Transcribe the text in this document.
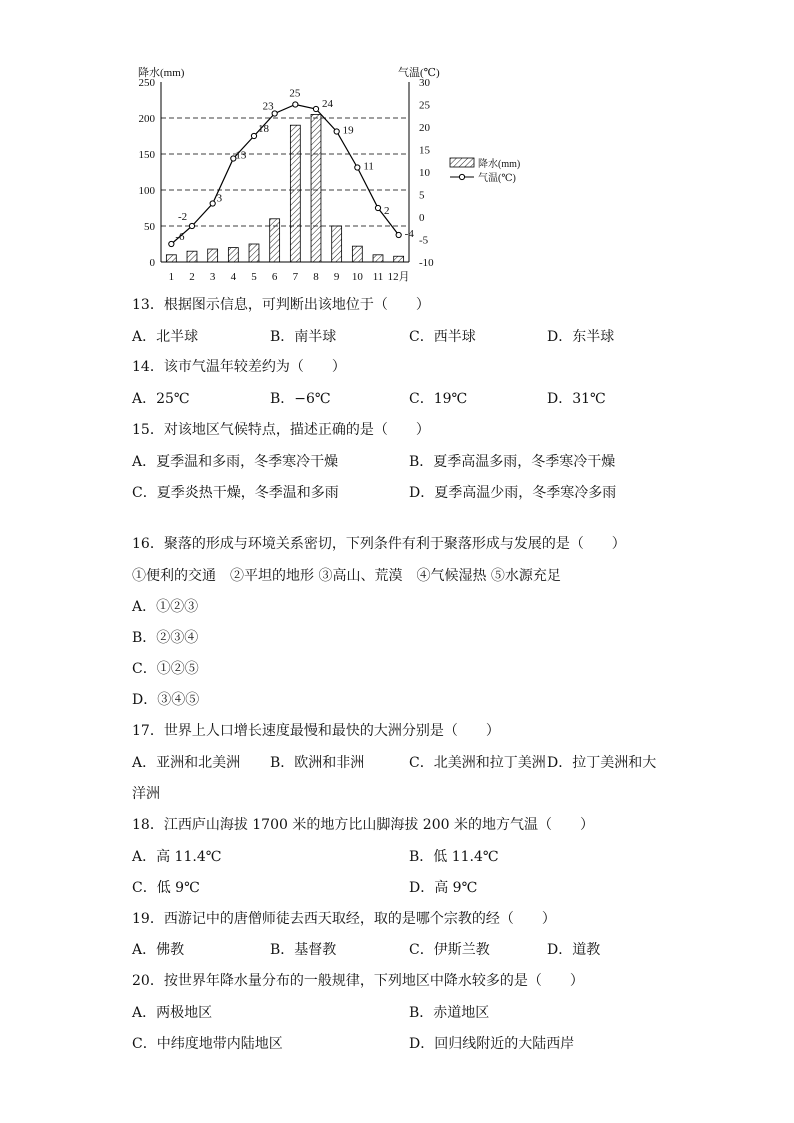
降水(mm)	气温(℃)
250
200
150
100
50
0
30
25
20
15
10
5
0
-5
-10
1 2 3 4 5 6 7 8 9 10 11 12月
-6
-2
3
13
18
23
25
24
19
11
2
-4
降水(mm)
气温(℃)
13．根据图示信息，可判断出该地位于（　　）
A．北半球	B．南半球	C．西半球	D．东半球
14．该市气温年较差约为（　　）
A．25℃	B．−6℃	C．19℃	D．31℃
15．对该地区气候特点，描述正确的是（　　）
A．夏季温和多雨，冬季寒冷干燥	B．夏季高温多雨，冬季寒冷干燥
C．夏季炎热干燥，冬季温和多雨	D．夏季高温少雨，冬季寒冷多雨
16．聚落的形成与环境关系密切，下列条件有利于聚落形成与发展的是（　　）
①便利的交通　②平坦的地形 ③高山、荒漠　④气候湿热 ⑤水源充足
A．①②③
B．②③④
C．①②⑤
D．③④⑤
17．世界上人口增长速度最慢和最快的大洲分别是（　　）
A．亚洲和北美洲 B．欧洲和非洲	C．北美洲和拉丁美洲 D．拉丁美洲和大
洋洲
18．江西庐山海拔 1700 米的地方比山脚海拔 200 米的地方气温（　　）
A．高 11.4℃	B．低 11.4℃
C．低 9℃	D．高 9℃
19．西游记中的唐僧师徒去西天取经，取的是哪个宗教的经（　　）
A．佛教	B．基督教	C．伊斯兰教	D．道教
20．按世界年降水量分布的一般规律，下列地区中降水较多的是（　　）
A．两极地区	B．赤道地区
C．中纬度地带内陆地区	D．回归线附近的大陆西岸
